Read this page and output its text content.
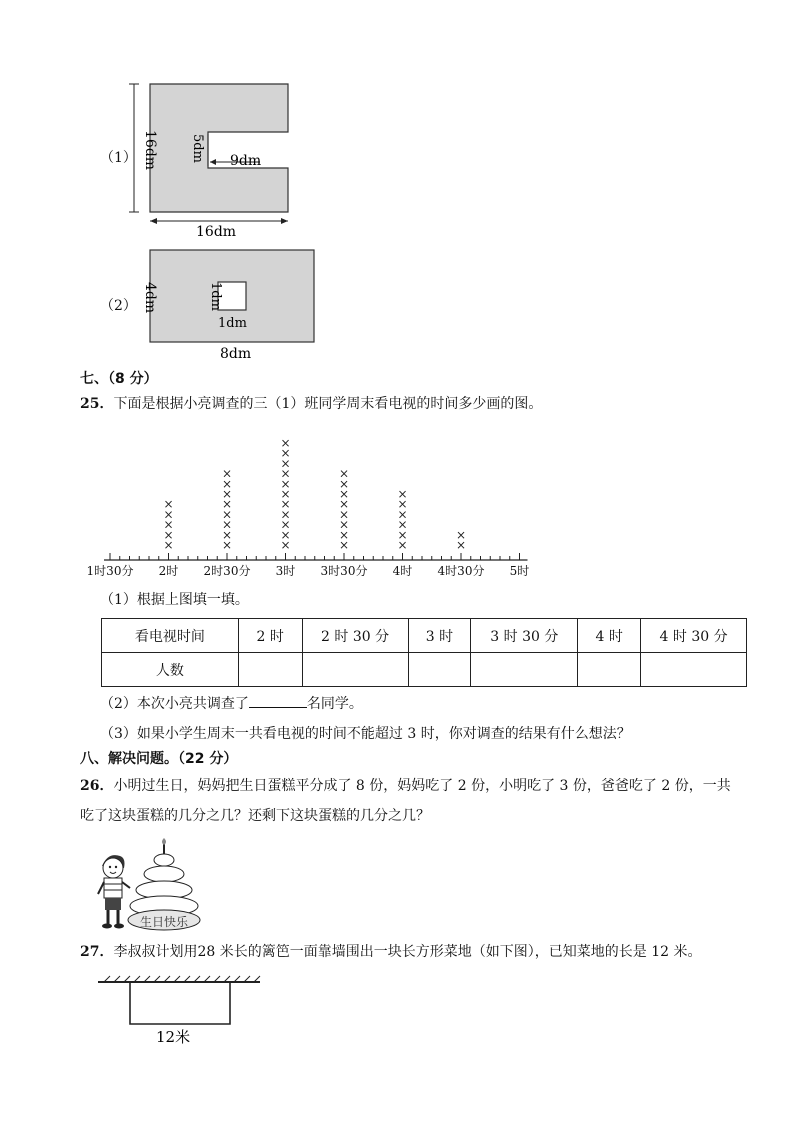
（1） 16dm 5dm 9dm
16dm
（2） 4dm	1dm
1dm
8dm
七、（8 分）
25．下面是根据小亮调查的三（1）班同学周末看电视的时间多少画的图。
1时30分 2时 2时30分 3时 3时30分 4时 4时30分 5时
×
×
×
×
×
×
×
×
×
×
×
×
×
×
×
×
×
×
×
×
×
×
×
×
×
×
×
×
×
×
×
×
×
×
×
×
×
×
×
×
（1）根据上图填一填。
看电视时间	2 时	2 时 30 分	3 时	3 时 30 分	4 时	4 时 30 分
人数						
（2）本次小亮共调查了	名同学。
（3）如果小学生周末一共看电视的时间不能超过 3 时，你对调查的结果有什么想法？
八、解决问题。（22 分）
26．小明过生日，妈妈把生日蛋糕平分成了 8 份，妈妈吃了 2 份，小明吃了 3 份，爸爸吃了 2 份，一共
吃了这块蛋糕的几分之几？还剩下这块蛋糕的几分之几？
生日快乐
27．李叔叔计划用28 米长的篱笆一面靠墙围出一块长方形菜地（如下图），已知菜地的长是 12 米。
12米
